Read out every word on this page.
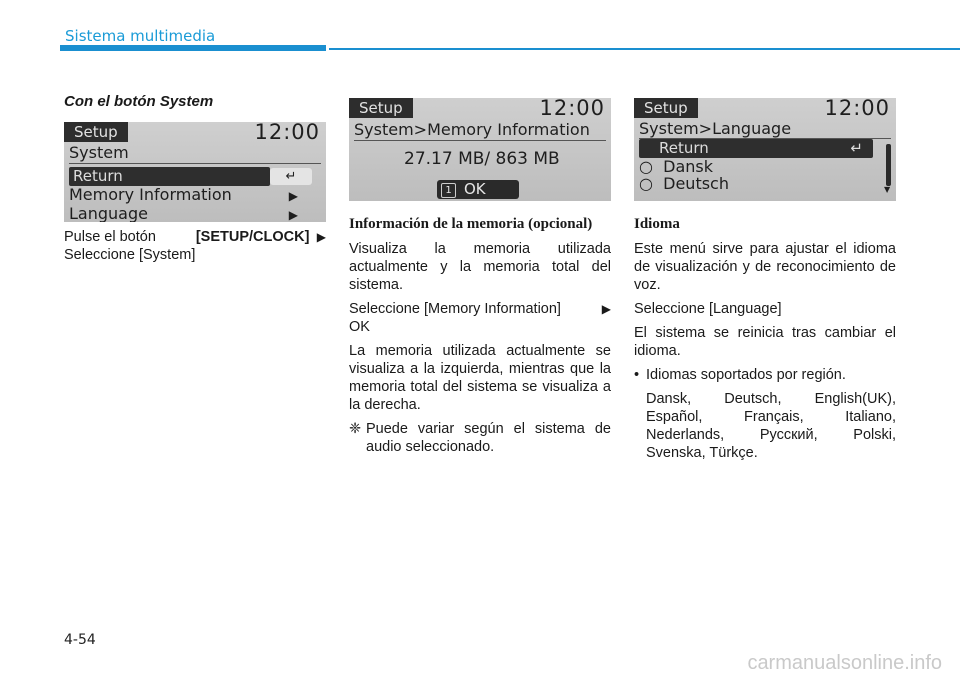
Sistema multimedia
Con el botón System
Setup	12:00
System
Return	↵
Memory Information	▶
Language	▶

Pulse el botón	[SETUP/CLOCK]  ▶

Seleccione [System]

Setup	12:00
System>Memory Information
27.17 MB/ 863 MB
1 OK
Información de la memoria (opcional)

Visualiza la memoria utilizada actualmente y la memoria total del sistema.

Seleccione [Memory Information]	▶
OK

La memoria utilizada actualmente se visualiza a la izquierda, mientras que la memoria total del sistema se visualiza a la derecha.

❈ Puede variar según el sistema de audio seleccionado.
Setup	12:00
System>Language
Return	↵
○  Dansk
○  Deutsch	▼
Idioma

Este menú sirve para ajustar el idioma de visualización y de reconocimiento de voz.

Seleccione [Language]

El sistema se reinicia tras cambiar el idioma.

• Idiomas soportados por región.

Dansk, Deutsch, English(UK), Español, Français, Italiano, Nederlands, Русский, Polski, Svenska, Türkçe.

4-54
carmanualsonline.info
